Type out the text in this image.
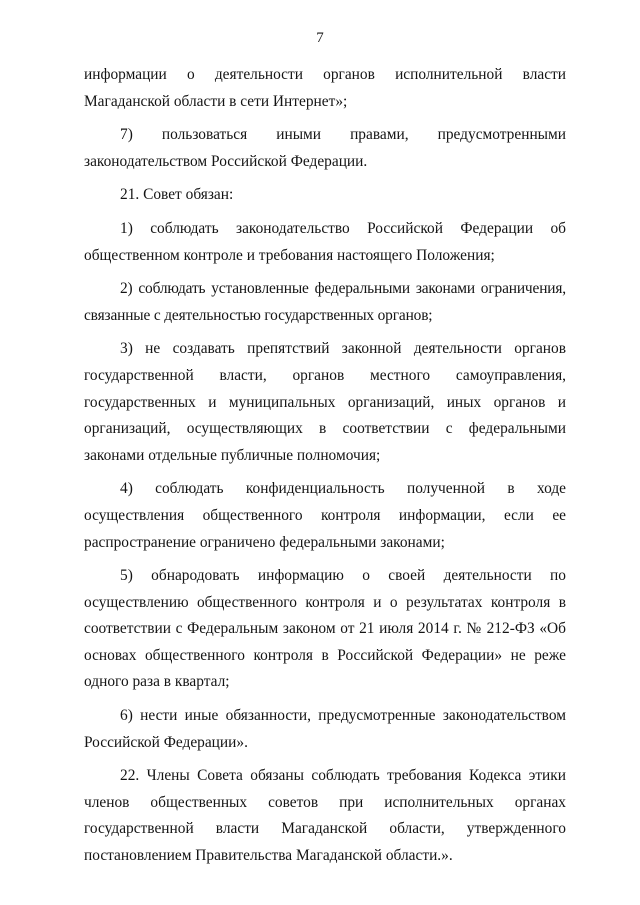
7

информации о деятельности органов исполнительной власти Магаданской области в сети Интернет»;

7) пользоваться иными правами, предусмотренными законодательством Российской Федерации.

21. Совет обязан:

1) соблюдать законодательство Российской Федерации об общественном контроле и требования настоящего Положения;

2) соблюдать установленные федеральными законами ограничения, связанные с деятельностью государственных органов;

3) не создавать препятствий законной деятельности органов государственной власти, органов местного самоуправления, государственных и муниципальных организаций, иных органов и организаций, осуществляющих в соответствии с федеральными законами отдельные публичные полномочия;

4) соблюдать конфиденциальность полученной в ходе осуществления общественного контроля информации, если ее распространение ограничено федеральными законами;

5) обнародовать информацию о своей деятельности по осуществлению общественного контроля и о результатах контроля в соответствии с Федеральным законом от 21 июля 2014 г. № 212-ФЗ «Об основах общественного контроля в Российской Федерации» не реже одного раза в квартал;

6) нести иные обязанности, предусмотренные законодательством Российской Федерации».

22. Члены Совета обязаны соблюдать требования Кодекса этики членов общественных советов при исполнительных органах государственной власти Магаданской области, утвержденного постановлением Правительства Магаданской области.».
